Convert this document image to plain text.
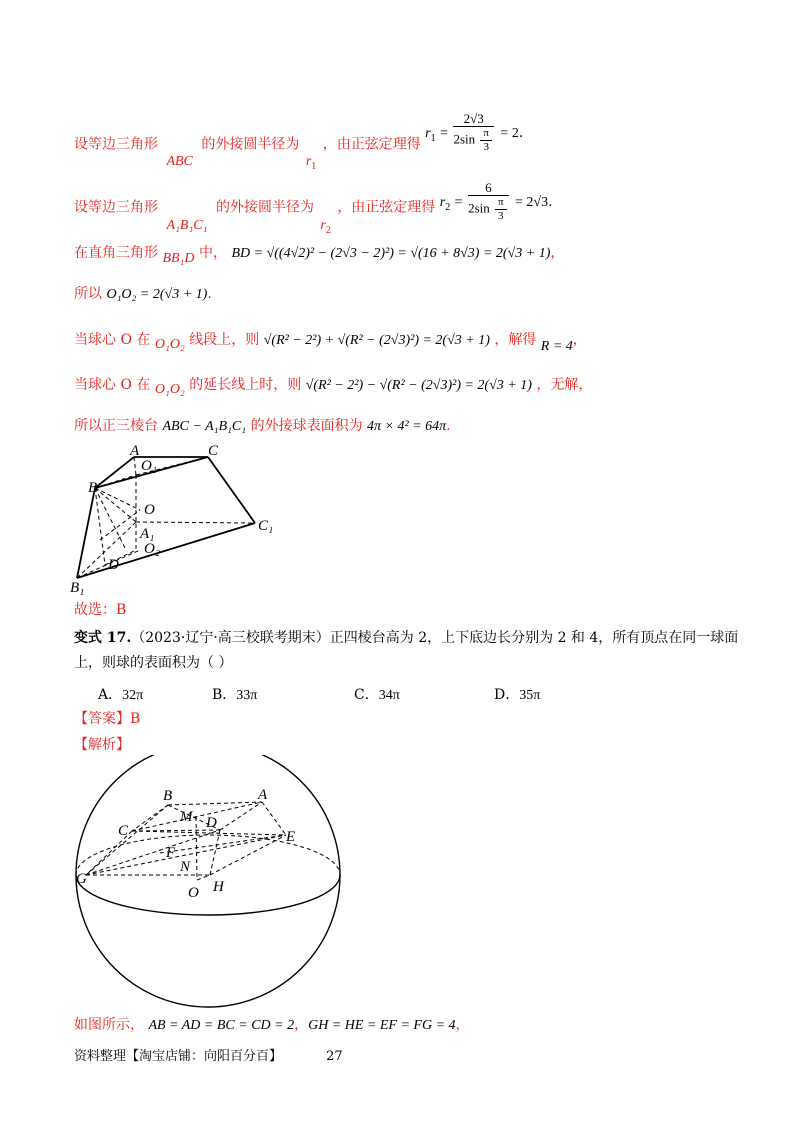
设等边三角形 ABC 的外接圆半径为 $r_1$ ，由正弦定理得 $r_1 = \frac{2√3}{2\sin \frac{\pi}{3}} = 2$.
设等边三角形 A₁B₁C₁ 的外接圆半径为 $r_2$ ，由正弦定理得 $r_2 = \frac{6}{2\sin \frac{\pi}{3}} = 2√3$.
在直角三角形 BB₁D 中， BD = √((4√2)² − (2√3 − 2)²) = √(16 + 8√3) = 2(√3 + 1)，
所以 O₁O₂ = 2(√3 + 1).
当球心 O 在 O₁O₂ 线段上，则 √(R² − 2²) + √(R² − (2√3)²) = 2(√3 + 1) ，解得 R = 4，
当球心 O 在 O₁O₂ 的延长线上时，则 √(R² − 2²) − √(R² − (2√3)²) = 2(√3 + 1) ，无解，
所以正三棱台 ABC − A₁B₁C₁ 的外接球表面积为 4π × 4² = 64π.
A
O₁
C
B
O
C₁
A₁
O₂
D
B₁
故选：B
变式 17.（2023·辽宁·高三校联考期末）正四棱台高为 2，上下底边长分别为 2 和 4，所有顶点在同一球面
上，则球的表面积为（ ）
A．32π	B．33π	C．34π	D．35π
【答案】B
【解析】
B	A
M D
C	E
F
N
G	H
O
如图所示， AB = AD = BC = CD = 2，GH = HE = EF = FG = 4，
资料整理【淘宝店铺：向阳百分百】	27
